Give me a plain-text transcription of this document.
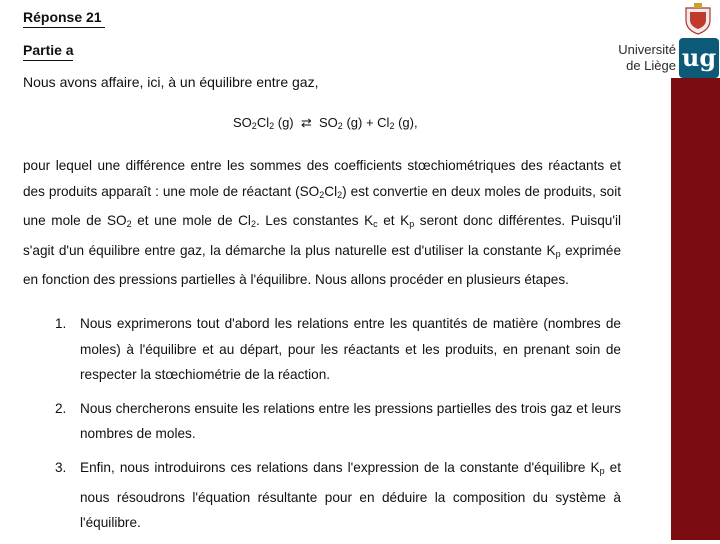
Université
de Liège ug
Réponse 21
Partie a
Nous avons affaire, ici, à un équilibre entre gaz,
$SO_2Cl_2$ (g) ⇄ $SO_2$ $(g) + Cl_2$ (g),
pour lequel une différence entre les sommes des coefficients stœchiométriques des réactants et des produits apparaît : une mole de réactant $(SO_2Cl_2)$ est convertie en deux moles de produits, soit une mole de $SO_2$ et une mole de $Cl_2$. Les constantes $K_c$ et $K_p$ seront donc différentes. Puisqu'il s'agit d'un équilibre entre gaz, la démarche la plus naturelle est d'utiliser la constante $K_p$ exprimée en fonction des pressions partielles à l'équilibre. Nous allons procéder en plusieurs étapes.
1. Nous exprimerons tout d'abord les relations entre les quantités de matière (nombres de moles) à l'équilibre et au départ, pour les réactants et les produits, en prenant soin de respecter la stœchiométrie de la réaction.
2. Nous chercherons ensuite les relations entre les pressions partielles des trois gaz et leurs nombres de moles.
3. Enfin, nous introduirons ces relations dans l'expression de la constante d'équilibre $K_p$ et nous résoudrons l'équation résultante pour en déduire la composition du système à l'équilibre.
